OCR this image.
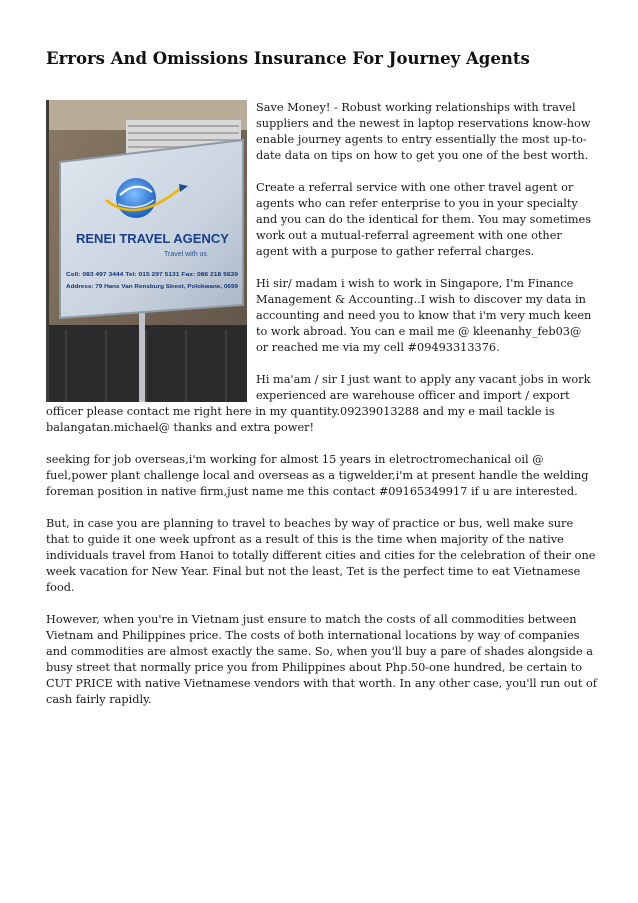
Errors And Omissions Insurance For Journey Agents
RENEI TRAVEL AGENCY
Travel with us
Cell: 083 497 3444 Tel: 015 297 5131 Fax: 086 218 5639
Address: 79 Hans Van Rensburg Street, Polokwane, 0699

Save Money! - Robust working relationships with travel suppliers and the newest in laptop reservations know-how enable journey agents to entry essentially the most up-to-date data on tips on how to get you one of the best worth.

Create a referral service with one other travel agent or agents who can refer enterprise to you in your specialty and you can do the identical for them. You may sometimes work out a mutual-referral agreement with one other agent with a purpose to gather referral charges.

Hi sir/ madam i wish to work in Singapore, I'm Finance Management & Accounting..I wish to discover my data in accounting and need you to know that i'm very much keen to work abroad. You can e mail me @ kleenanhy_feb03@ or reached me via my cell #09493313376.

Hi ma'am / sir I just want to apply any vacant jobs in work experienced are warehouse officer and import / export officer please contact me right here in my quantity.09239013288 and my e mail tackle is balangatan.michael@ thanks and extra power!

seeking for job overseas,i'm working for almost 15 years in eletroctromechanical oil @ fuel,power plant challenge local and overseas as a tigwelder,i'm at present handle the welding foreman position in native firm,just name me this contact #09165349917 if u are interested.

But, in case you are planning to travel to beaches by way of practice or bus, well make sure that to guide it one week upfront as a result of this is the time when majority of the native individuals travel from Hanoi to totally different cities and cities for the celebration of their one week vacation for New Year. Final but not the least, Tet is the perfect time to eat Vietnamese food.

However, when you're in Vietnam just ensure to match the costs of all commodities between Vietnam and Philippines price. The costs of both international locations by way of companies and commodities are almost exactly the same. So, when you'll buy a pare of shades alongside a busy street that normally price you from Philippines about Php.50-one hundred, be certain to CUT PRICE with native Vietnamese vendors with that worth. In any other case, you'll run out of cash fairly rapidly.
